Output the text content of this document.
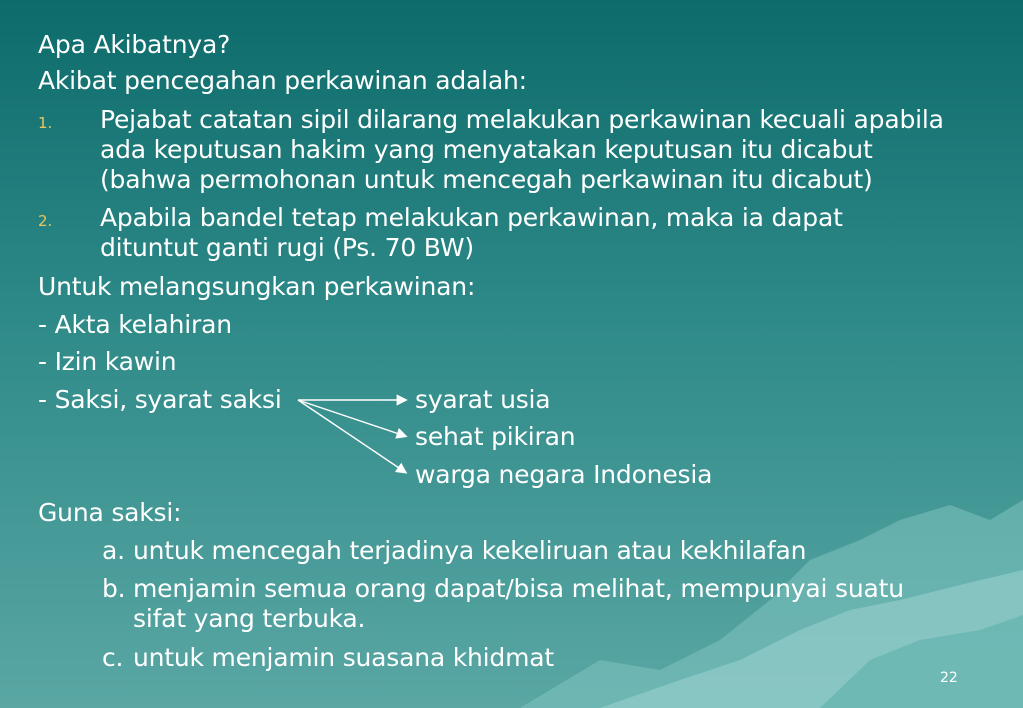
Apa Akibatnya?
Akibat pencegahan perkawinan adalah:
1. Pejabat catatan sipil dilarang melakukan perkawinan kecuali apabila
ada keputusan hakim yang menyatakan keputusan itu dicabut
(bahwa permohonan untuk mencegah perkawinan itu dicabut)
2. Apabila bandel tetap melakukan perkawinan, maka ia dapat
dituntut ganti rugi (Ps. 70 BW)
Untuk melangsungkan perkawinan:
- Akta kelahiran
- Izin kawin
- Saksi, syarat saksi	syarat usia
sehat pikiran
warga negara Indonesia
Guna saksi:
a. untuk mencegah terjadinya kekeliruan atau kekhilafan
b. menjamin semua orang dapat/bisa melihat, mempunyai suatu
sifat yang terbuka.
c. untuk menjamin suasana khidmat
22
